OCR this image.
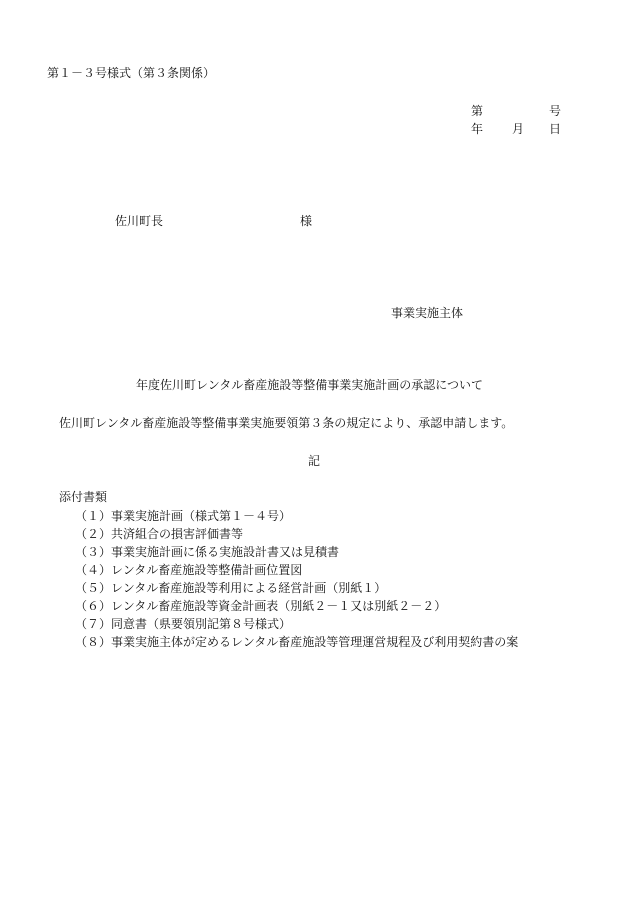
第１－３号様式（第３条関係）
第	号
年 月 日
佐川町長	様
事業実施主体
年度佐川町レンタル畜産施設等整備事業実施計画の承認について
佐川町レンタル畜産施設等整備事業実施要領第３条の規定により、承認申請します。
記
添付書類
（１）事業実施計画（様式第１－４号）
（２）共済組合の損害評価書等
（３）事業実施計画に係る実施設計書又は見積書
（４）レンタル畜産施設等整備計画位置図
（５）レンタル畜産施設等利用による経営計画（別紙１）
（６）レンタル畜産施設等資金計画表（別紙２－１又は別紙２－２）
（７）同意書（県要領別記第８号様式）
（８）事業実施主体が定めるレンタル畜産施設等管理運営規程及び利用契約書の案
